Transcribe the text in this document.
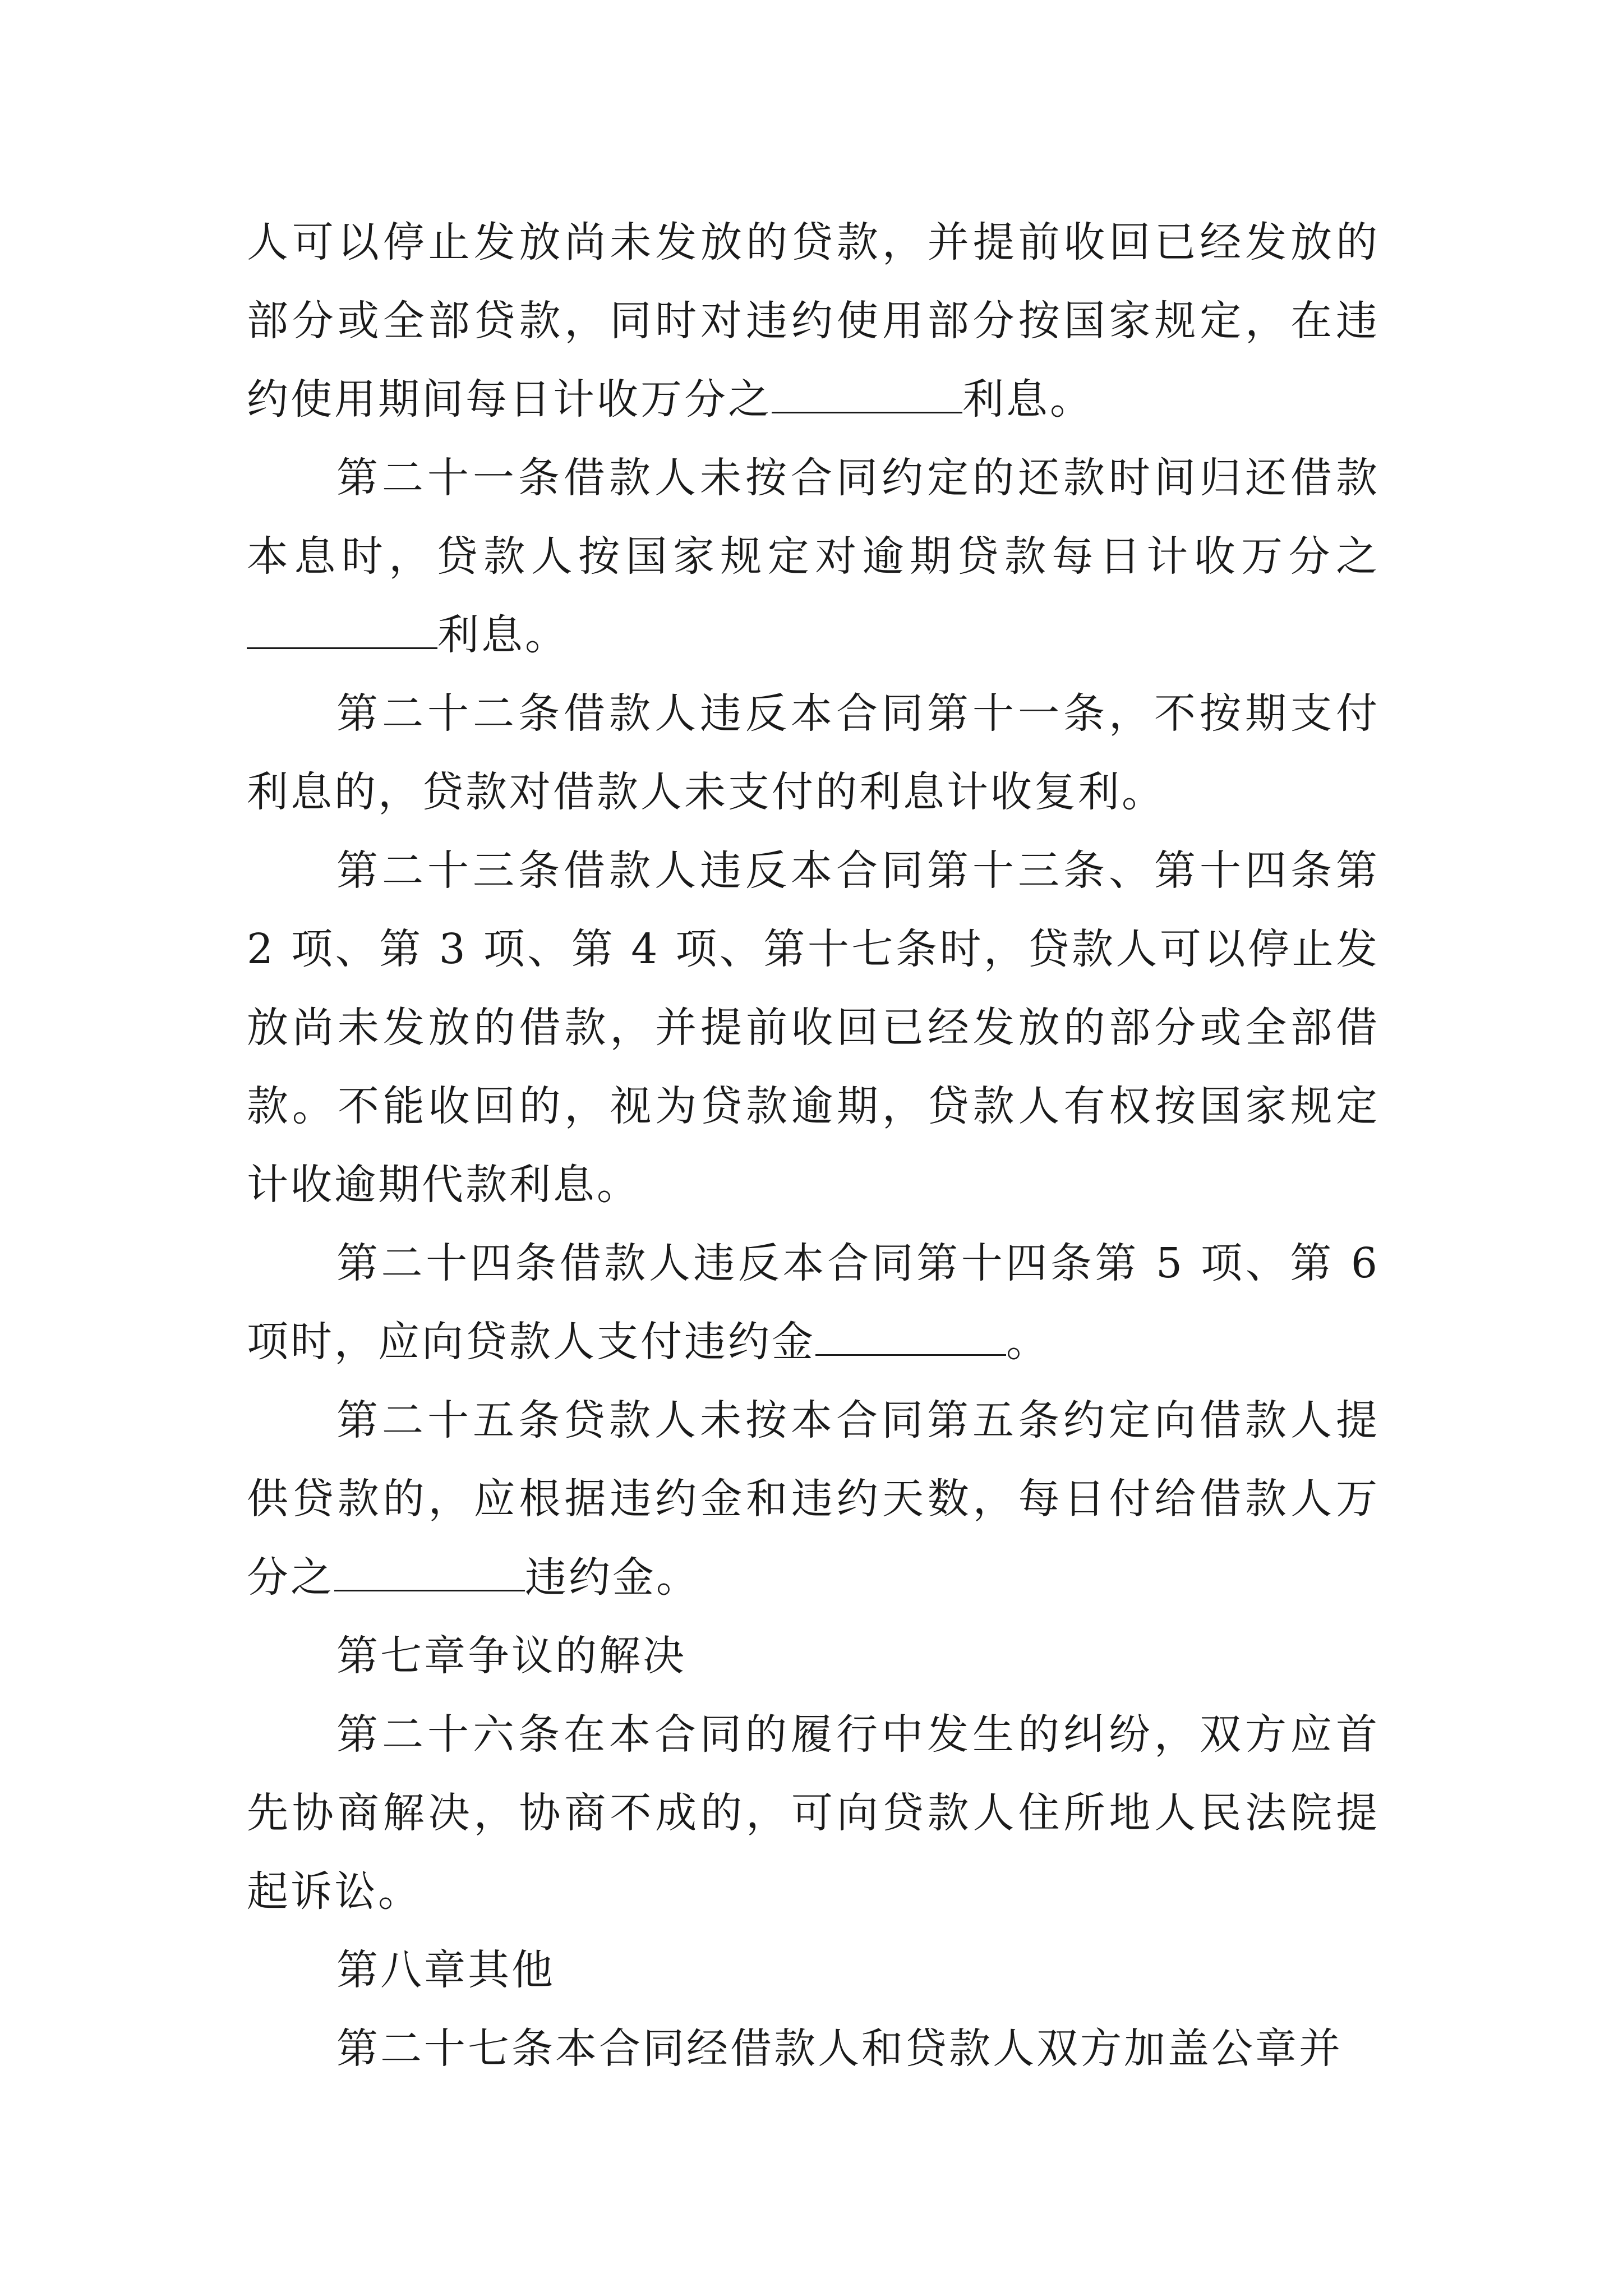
人可以停止发放尚未发放的贷款，并提前收回已经发放的部分或全部贷款，同时对违约使用部分按国家规定，在违约使用期间每日计收万分之	利息。

第二十一条借款人未按合同约定的还款时间归还借款本息时，贷款人按国家规定对逾期贷款每日计收万分之利息。

第二十二条借款人违反本合同第十一条，不按期支付利息的，贷款对借款人未支付的利息计收复利。

第二十三条借款人违反本合同第十三条、第十四条第 2 项、第 3 项、第 4 项、第十七条时，贷款人可以停止发放尚未发放的借款，并提前收回已经发放的部分或全部借款。不能收回的，视为贷款逾期，贷款人有权按国家规定计收逾期代款利息。

第二十四条借款人违反本合同第十四条第 5 项、第 6 项时，应向贷款人支付违约金	。

第二十五条贷款人未按本合同第五条约定向借款人提供贷款的，应根据违约金和违约天数，每日付给借款人万分之	违约金。

第七章争议的解决

第二十六条在本合同的履行中发生的纠纷，双方应首先协商解决，协商不成的，可向贷款人住所地人民法院提起诉讼。

第八章其他

第二十七条本合同经借款人和贷款人双方加盖公章并
